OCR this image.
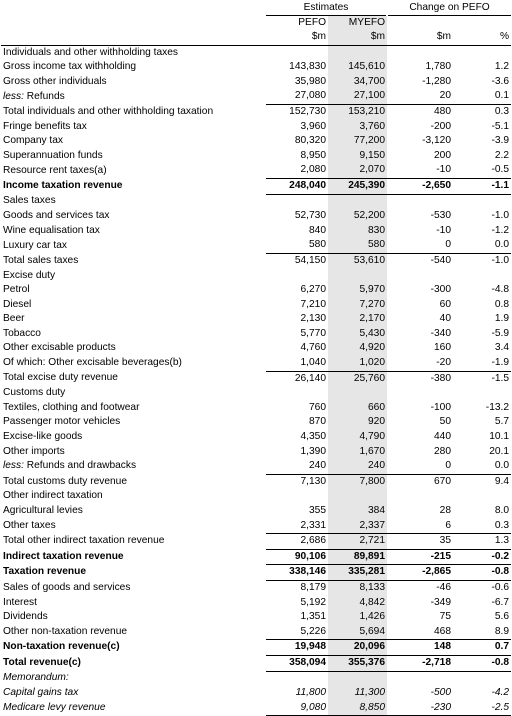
	Estimates		Change on PEFO	
	PEFO	MYEFO		
	$m	$m	$m	%
Individuals and other withholding taxes				
Gross income tax withholding	143,830	145,610	1,780	1.2
Gross other individuals	35,980	34,700	-1,280	-3.6
less: Refunds	27,080	27,100	20	0.1
Total individuals and other withholding taxation	152,730	153,210	480	0.3
Fringe benefits tax	3,960	3,760	-200	-5.1
Company tax	80,320	77,200	-3,120	-3.9
Superannuation funds	8,950	9,150	200	2.2
Resource rent taxes(a)	2,080	2,070	-10	-0.5
Income taxation revenue	248,040	245,390	-2,650	-1.1
Sales taxes				
Goods and services tax	52,730	52,200	-530	-1.0
Wine equalisation tax	840	830	-10	-1.2
Luxury car tax	580	580	0	0.0
Total sales taxes	54,150	53,610	-540	-1.0
Excise duty				
Petrol	6,270	5,970	-300	-4.8
Diesel	7,210	7,270	60	0.8
Beer	2,130	2,170	40	1.9
Tobacco	5,770	5,430	-340	-5.9
Other excisable products	4,760	4,920	160	3.4
Of which: Other excisable beverages(b)	1,040	1,020	-20	-1.9
Total excise duty revenue	26,140	25,760	-380	-1.5
Customs duty				
Textiles, clothing and footwear	760	660	-100	-13.2
Passenger motor vehicles	870	920	50	5.7
Excise-like goods	4,350	4,790	440	10.1
Other imports	1,390	1,670	280	20.1
less: Refunds and drawbacks	240	240	0	0.0
Total customs duty revenue	7,130	7,800	670	9.4
Other indirect taxation				
Agricultural levies	355	384	28	8.0
Other taxes	2,331	2,337	6	0.3
Total other indirect taxation revenue	2,686	2,721	35	1.3
Indirect taxation revenue	90,106	89,891	-215	-0.2
Taxation revenue	338,146	335,281	-2,865	-0.8
Sales of goods and services	8,179	8,133	-46	-0.6
Interest	5,192	4,842	-349	-6.7
Dividends	1,351	1,426	75	5.6
Other non-taxation revenue	5,226	5,694	468	8.9
Non-taxation revenue(c)	19,948	20,096	148	0.7
Total revenue(c)	358,094	355,376	-2,718	-0.8
Memorandum:				
Capital gains tax	11,800	11,300	-500	-4.2
Medicare levy revenue	9,080	8,850	-230	-2.5
